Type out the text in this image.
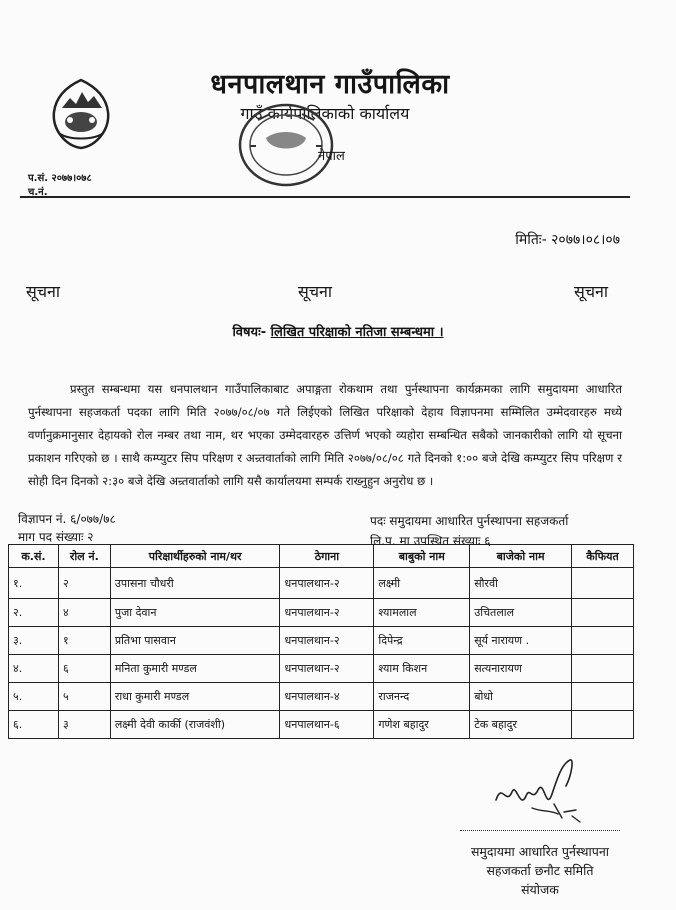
धनपालथान गाउँपालिका
गाउँ कार्यपालिकाको कार्यालय
नेपाल
प.सं. २०७७।०७८
च.नं.
मितिः- २०७७।०८।०७
सूचना	सूचना	सूचना
विषयः- लिखित परिक्षाको नतिजा सम्बन्धमा ।
प्रस्तुत सम्बन्धमा यस धनपालथान गाउँपालिकाबाट अपाङ्गता रोकथाम तथा पुर्नस्थापना कार्यक्रमका लागि समुदायमा आधारित पुर्नस्थापना सहजकर्ता पदका लागि मिति २०७७/०८/०७ गते लिईएको लिखित परिक्षाको देहाय विज्ञापनमा सम्मिलित उम्मेदवारहरु मध्ये वर्णानुक्रमानुसार देहायको रोल नम्बर तथा नाम, थर भएका उम्मेदवारहरु उत्तिर्ण भएको व्यहोरा सम्बन्धित सबैको जानकारीको लागि यो सूचना प्रकाशन गरिएको छ । साथै कम्प्युटर सिप परिक्षण र अन्र्तवार्ताको लागि मिति २०७७/०८/०८ गते दिनको १:०० बजे देखि कम्प्युटर सिप परिक्षण र सोही दिन दिनको २:३० बजे देखि अन्र्तवार्ताको लागि यसै कार्यालयमा सम्पर्क राख्नुहुन अनुरोध छ ।
विज्ञापन नं. ६/०७७/७८
माग पद संख्याः २
पदः समुदायमा आधारित पुर्नस्थापना सहजकर्ता
लि.प. मा उपस्थित संख्याः ६
क.सं.	रोल नं.	परिक्षार्थीहरुको नाम/थर	ठेगाना	बाबुको नाम	बाजेको नाम	कैफियत
१.	२	उपासना चौधरी	धनपालथान-२	लक्ष्मी	सौरवी	
२.	४	पुजा देवान	धनपालथान-२	श्यामलाल	उचितलाल	
३.	१	प्रतिभा पासवान	धनपालथान-२	दिपेन्द्र	सूर्य नारायण .	
४.	६	मनिता कुमारी मण्डल	धनपालथान-२	श्याम किशन	सत्यनारायण	
५.	५	राधा कुमारी मण्डल	धनपालथान-४	राजनन्द	बोधो	
६.	३	लक्ष्मी देवी कार्की (राजवंशी)	धनपालथान-६	गणेश बहादुर	टेक बहादुर	
समुदायमा आधारित पुर्नस्थापना
सहजकर्ता छनौट समिति
संयोजक
